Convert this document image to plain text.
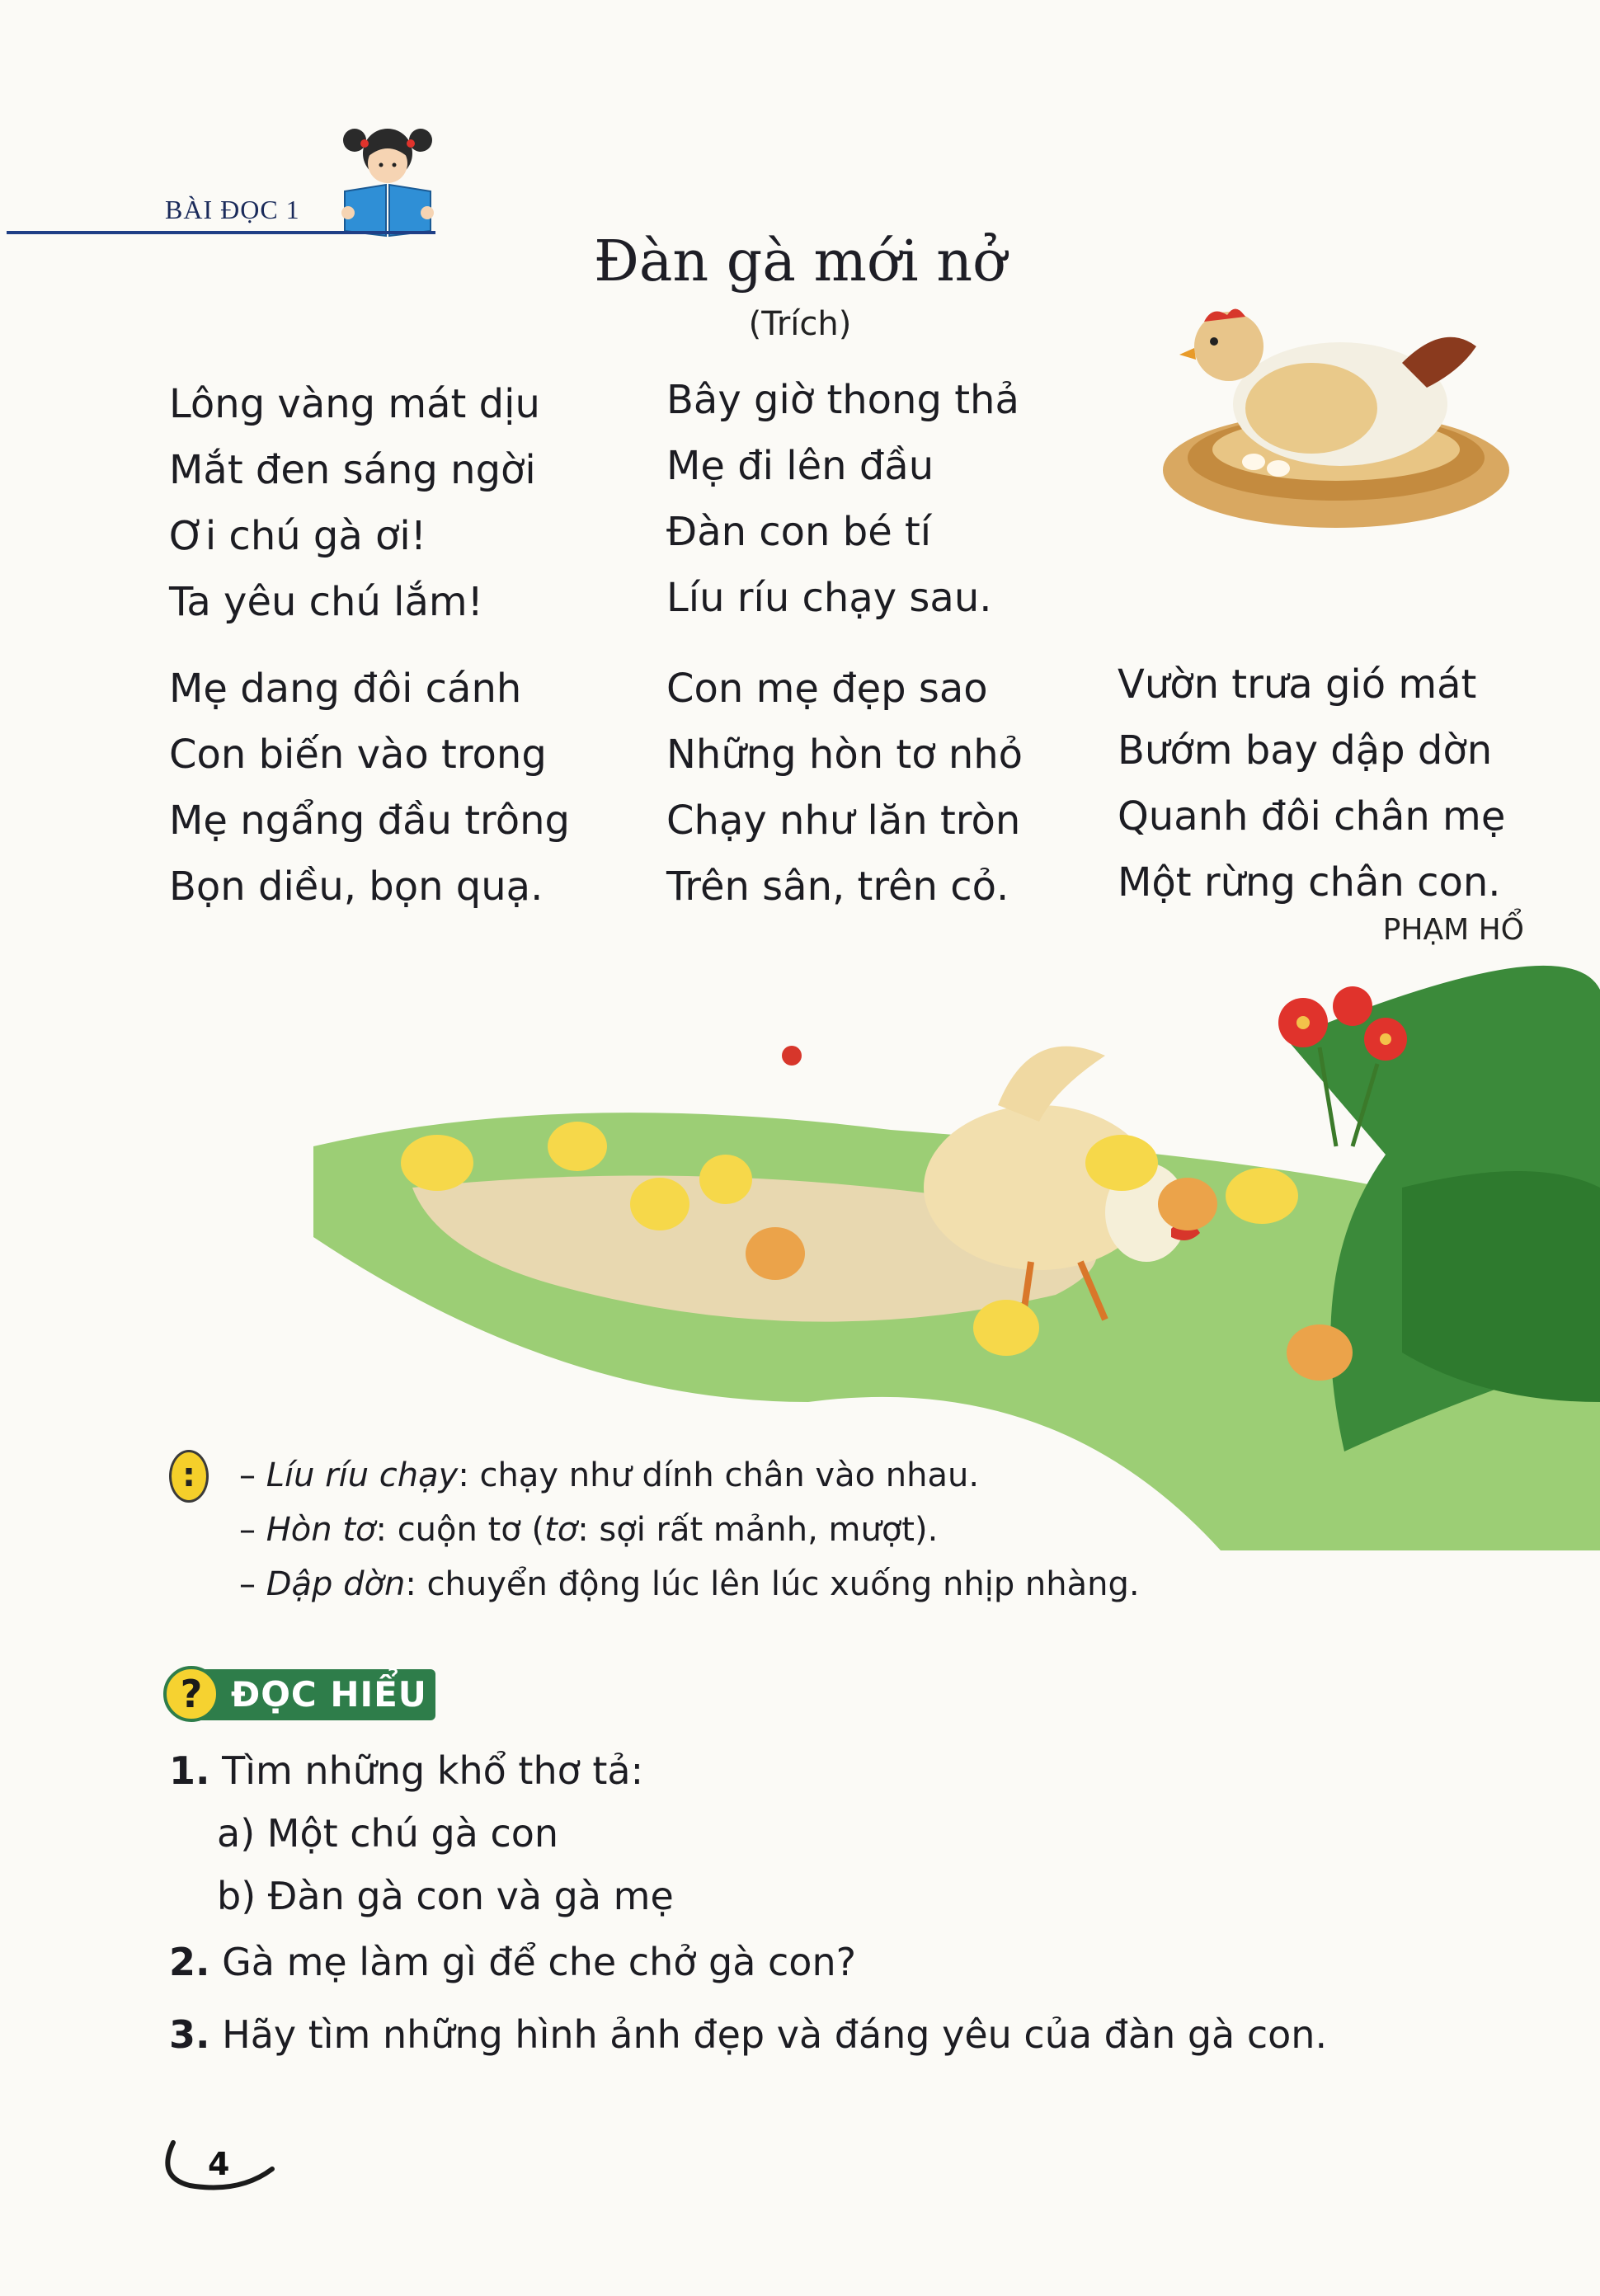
BÀI ĐỌC 1
Đàn gà mới nở
(Trích)
Lông vàng mát dịu
Mắt đen sáng ngời
Ơi chú gà ơi!
Ta yêu chú lắm!
Bây giờ thong thả
Mẹ đi lên đầu
Đàn con bé tí
Líu ríu chạy sau.
Mẹ dang đôi cánh
Con biến vào trong
Mẹ ngẩng đầu trông
Bọn diều, bọn quạ.
Con mẹ đẹp sao
Những hòn tơ nhỏ
Chạy như lăn tròn
Trên sân, trên cỏ.
Vườn trưa gió mát
Bướm bay dập dờn
Quanh đôi chân mẹ
Một rừng chân con.
PHẠM HỔ
:	– Líu ríu chạy: chạy như dính chân vào nhau.
– Hòn tơ: cuộn tơ (tơ: sợi rất mảnh, mượt).
– Dập dờn: chuyển động lúc lên lúc xuống nhịp nhàng.
? ĐỌC HIỂU
1. Tìm những khổ thơ tả:
a) Một chú gà con
b) Đàn gà con và gà mẹ
2. Gà mẹ làm gì để che chở gà con?
3. Hãy tìm những hình ảnh đẹp và đáng yêu của đàn gà con.
4
